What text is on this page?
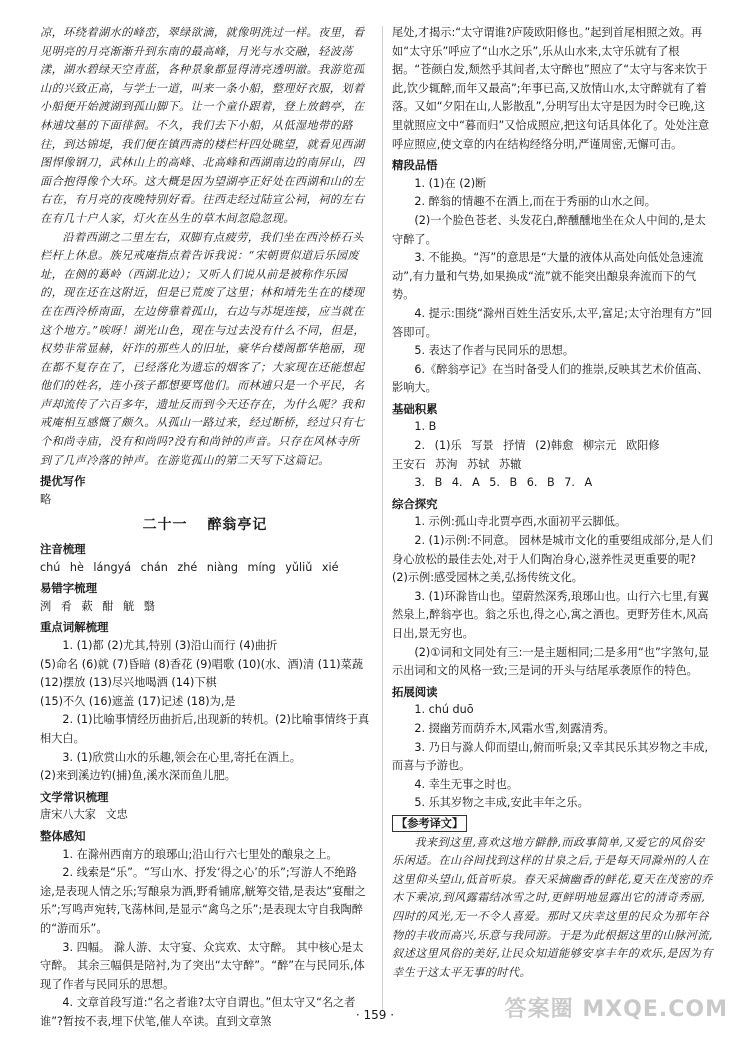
凉，环绕着湖水的峰峦，翠绿欲滴，就像明洗过一样。夜里，看见明亮的月亮渐渐升到东南的最高峰，月光与水交融，轻波荡漾，湖水碧绿天空青蓝，各种景象都显得清亮透明澈。我游览孤山的兴致正高，与学士一道，叫来一条小船，整理好衣服，划着小船便开始渡湖到孤山脚下。让一个童仆跟着，登上放鹤亭，在林逋坟墓的下面徘徊。不久，我们去下小船，从低湿地带的路往，到达锦堤，我们便在镇西斋的楼栏杆四处眺望，就看见西湖图悍像钢刀，武林山上的高峰、北高峰和西湖南边的南屏山，四面合抱得像个大环。这大概是因为望湖亭正好处在西湖和山的左右在，有月亮的夜晚特别好看。往西走经过陆宣公祠，祠的左右在有几十户人家，灯火在丛生的草木间忽隐忽现。

沿着西湖之二里左右，双脚有点疲劳，我们坐在西泠桥石头栏杆上休息。族兄戒庵指点着告诉我说：“宋朝贾似道后乐园废址，在侧的葛岭（西湖北边）；又听人们说从前是被称作乐园的，现在还在这附近，但是已荒废了这里；林和靖先生在的楼现在在西泠桥南面，左边傍靠着孤山，右边与苏堤连接，应当就在这个地方。”唉呀！湖光山色，现在与过去没有什么不同，但是，权势非常显赫，奸诈的那些人的旧址，豪华台楼阁都华艳丽，现在都不复存在了，已经落化为遗忘的烟客了；大家现在还能想起他们的姓名，连小孩子都想要骂他们。而林逋只是一个平民，名声却流传了六百多年，遗址反而到今天还存在，为什么呢？我和戒庵相互感慨了颇久。从孤山一路过来，经过断桥，经过只有七个和尚寺庙，没有和尚吗?没有和尚钟的声音。只存在风林寺所到了几声冷落的钟声。在游览孤山的第二天写下这篇记。

提优写作

略

二十一 醉翁亭记

注音梳理

chú hè lángyá chán zhé niàng míng yǔliǔ xié

易错字梳理

洌 肴 蔌 酣 觥 翳

重点词解梳理

1. (1)都 (2)尤其,特别 (3)沿山而行 (4)曲折

(5)命名 (6)就 (7)昏暗 (8)香花 (9)唱歌 (10)(水、酒)清 (11)菜蔬 (12)摆放 (13)尽兴地喝酒 (14)下棋

(15)不久 (16)遮盖 (17)记述 (18)为,是

2. (1)比喻事情经历曲折后,出现新的转机。(2)比喻事情终于真相大白。

3. (1)欣赏山水的乐趣,领会在心里,寄托在酒上。

(2)来到溪边钓(捕)鱼,溪水深而鱼儿肥。

文学常识梳理

唐宋八大家 文忠

整体感知

1. 在滁州西南方的琅琊山;沿山行六七里处的酿泉之上。

2. 线索是“乐”。“写山水、抒发‘得之心’的乐”;写游人不绝路途,是表现人情之乐;写酿泉为酒,野肴铺席,觥筹交错,是表达“宴酣之乐”;写鸣声宛转,飞荡林间,是显示“禽鸟之乐”;是表现太守自我陶醉的“游而乐”。

3. 四幅。 滁人游、太守宴、众宾欢、太守醉。 其中核心是太守醉。 其余三幅俱是陪衬,为了突出“太守醉”。“醉”在与民同乐,体现了作者与民同乐的思想。

4. 文章首段写道:“名之者谁?太守自谓也。”但太守又“名之者谁”?暂按不表,埋下伏笔,催人卒读。直到文章煞

尾处,才揭示:“太守谓谁?庐陵欧阳修也。”起到首尾相照之效。再如“太守乐”呼应了“山水之乐”,乐从山水来,太守乐就有了根据。“苍颜白发,颓然乎其间者,太守醉也”照应了“太守与客来饮于此,饮少辄醉,而年又最高”;年事已高,又放情山水,太守醉就有了着落。又如“夕阳在山,人影散乱”,分明写出太守是因为时令已晚,这里就照应文中“暮而归”又恰成照应,把这句话具体化了。处处注意呼应照应,使文章的内在结构经络分明,严谨周密,无懈可击。

精段品悟

1. (1)在 (2)断

2. 醉翁的情趣不在酒上,而在于秀丽的山水之间。

(2)一个脸色苍老、头发花白,醉醺醺地坐在众人中间的,是太守醉了。

3. 不能换。“泻”的意思是“大量的液体从高处向低处急速流动”,有力量和气势,如果换成“流”就不能突出酿泉奔流而下的气势。

4. 提示:围绕“滁州百姓生活安乐,太平,富足;太守治理有方”回答即可。

5. 表达了作者与民同乐的思想。

6.《醉翁亭记》在当时备受人们的推崇,反映其艺术价值高、影响大。

基础积累

1. B

2. (1)乐 写景 抒情 (2)韩愈 柳宗元 欧阳修

王安石 苏洵 苏轼 苏辙

3. B 4. A 5. B 6. B 7. A

综合探究

1. 示例:孤山寺北贾亭西,水面初平云脚低。

2. (1)示例:不同意。 园林是城市文化的重要组成部分,是人们身心放松的最佳去处,对于人们陶冶身心,滋养性灵更重要的呢? (2)示例:感受园林之美,弘扬传统文化。

3. (1)环滁皆山也。望蔚然深秀,琅琊山也。山行六七里,有翼然泉上,醉翁亭也。翁之乐也,得之心,寓之酒也。更野芳佳木,风高日出,景无穷也。

(2)①词和文同处有三:一是主题相同;二是多用“也”字煞句,显示出词和文的风格一致;三是词的开头与结尾承袭原作的特色。

拓展阅读

1. chú duō

2. 掇幽芳而荫乔木,风霜水雪,刻露清秀。

3. 乃日与滁人仰而望山,俯而听泉;又幸其民乐其岁物之丰成,而喜与予游也。

4. 幸生无事之时也。

5. 乐其岁物之丰成,安此丰年之乐。

【参考译文】

我来到这里,喜欢这地方僻静,而政事简单,又爱它的风俗安乐闲适。在山谷间找到这样的甘泉之后,于是每天同滁州的人在这里仰头望山,低首听泉。春天采摘幽香的鲜花,夏天在茂密的乔木下乘凉,到风露霜结冰雪之时,更鲜明地显露出它的清奇秀丽,四时的风光,无一不令人喜爱。那时又庆幸这里的民众为那年谷物的丰收而高兴,乐意与我同游。于是为此根据这里的山脉河流,叙述这里风俗的美好,让民众知道能够安享丰年的欢乐,是因为有幸生于这太平无事的时代。

· 159 ·	答案圈 MXQE.COM
